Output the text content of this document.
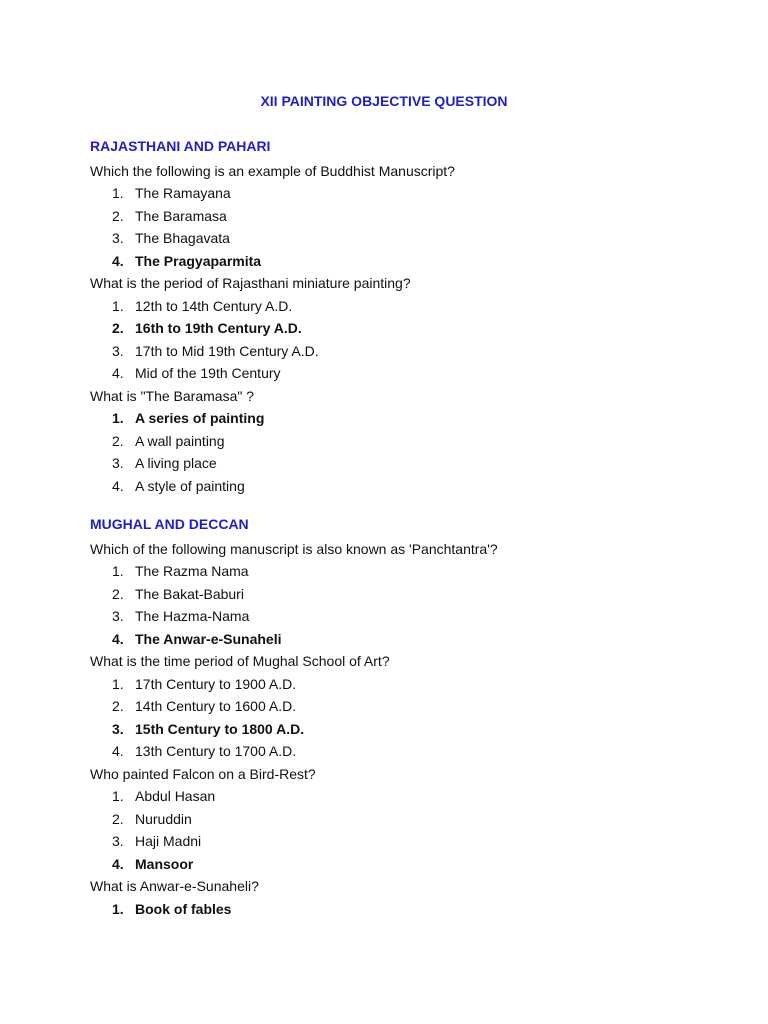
XII PAINTING OBJECTIVE QUESTION
RAJASTHANI AND PAHARI
Which the following is an example of Buddhist Manuscript?
1. The Ramayana
2. The Baramasa
3. The Bhagavata
4. The Pragyaparmita
What is the period of Rajasthani miniature painting?
1. 12th to 14th Century A.D.
2. 16th to 19th Century A.D.
3. 17th to Mid 19th Century A.D.
4. Mid of the 19th Century
What is "The Baramasa" ?
1. A series of painting
2. A wall painting
3. A living place
4. A style of painting
MUGHAL AND DECCAN
Which of the following manuscript is also known as 'Panchtantra'?
1. The Razma Nama
2. The Bakat-Baburi
3. The Hazma-Nama
4. The Anwar-e-Sunaheli
What is the time period of Mughal School of Art?
1. 17th Century to 1900 A.D.
2. 14th Century to 1600 A.D.
3. 15th Century to 1800 A.D.
4. 13th Century to 1700 A.D.
Who painted Falcon on a Bird-Rest?
1. Abdul Hasan
2. Nuruddin
3. Haji Madni
4. Mansoor
What is Anwar-e-Sunaheli?
1. Book of fables
